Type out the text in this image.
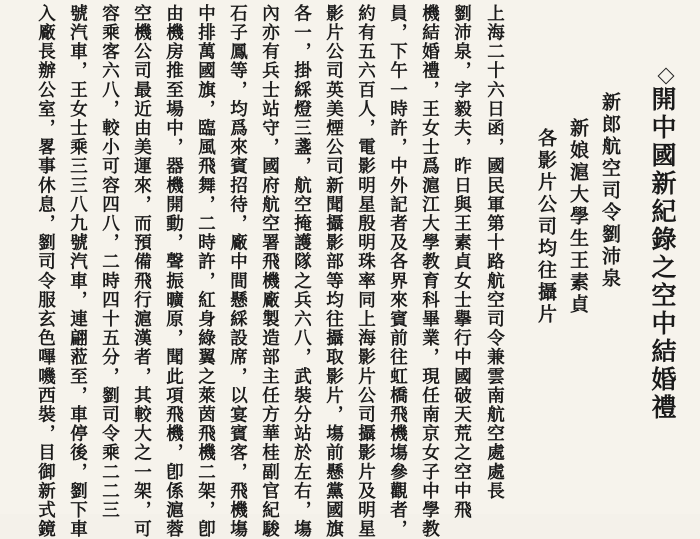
開中國新紀錄之空中結婚禮
新郎航空司令劉沛泉
新娘滬大學生王素貞
各影片公司均往攝片
上海二十六日函，國民軍第十路航空司令兼雲南航空處處長
劉沛泉，字毅夫，昨日與王素貞女士擧行中國破天荒之空中飛
機結婚禮，王女士爲滬江大學教育科畢業，現任南京女子中學教
員，下午一時許，中外記者及各界來賓前往虹橋飛機塲參觀者，
約有五六百人，電影明星殷明珠率同上海影片公司攝影片及明星
影片公司英美煙公司新聞攝影部等均往攝取影片，塲前懸黨國旗
各一，掛綵燈三盞，航空掩護隊之兵六八，武裝分站於左右，塲
內亦有兵士站守，國府航空署飛機廠製造部主任方華桂副官紀駿
石子鳳等，均爲來賓招待，廠中間懸綵設席，以宴賓客，飛機塲
中排萬國旗，臨風飛舞，二時許，紅身綠翼之萊茵飛機二架，卽
由機房推至場中，器機開動，聲振曠原，聞此項飛機，卽係滬蓉
空機公司最近由美運來，而預備飛行滬漢者，其較大之一架，可
容乘客六八，較小可容四八，二時四十五分，劉司令乘二二三
號汽車，王女士乘三三八九號汽車，連翩蒞至，車停後，劉下車
入廠長辦公室，畧事休息，劉司令服玄色嗶嘰西裝，目御新式鏡
